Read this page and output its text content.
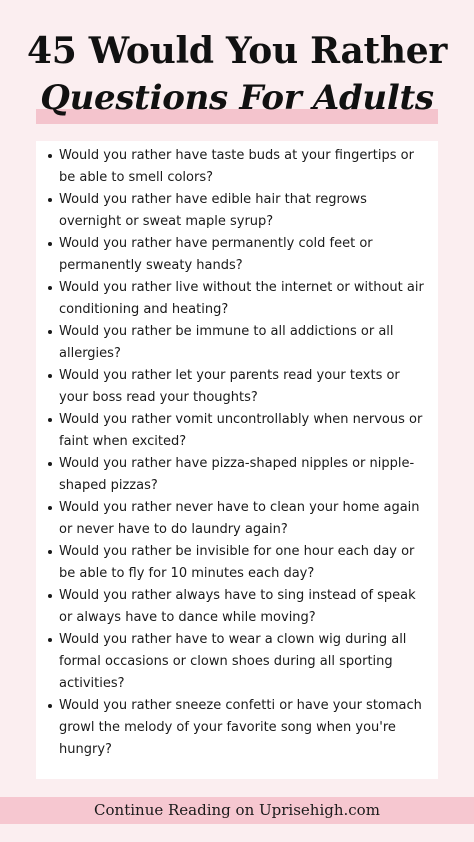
45 Would You Rather
Questions For Adults
Would you rather have taste buds at your fingertips or be able to smell colors?
Would you rather have edible hair that regrows overnight or sweat maple syrup?
Would you rather have permanently cold feet or permanently sweaty hands?
Would you rather live without the internet or without air conditioning and heating?
Would you rather be immune to all addictions or all allergies?
Would you rather let your parents read your texts or your boss read your thoughts?
Would you rather vomit uncontrollably when nervous or faint when excited?
Would you rather have pizza-shaped nipples or nipple-shaped pizzas?
Would you rather never have to clean your home again or never have to do laundry again?
Would you rather be invisible for one hour each day or be able to fly for 10 minutes each day?
Would you rather always have to sing instead of speak or always have to dance while moving?
Would you rather have to wear a clown wig during all formal occasions or clown shoes during all sporting activities?
Would you rather sneeze confetti or have your stomach growl the melody of your favorite song when you're hungry?
Continue Reading on Uprisehigh.com
